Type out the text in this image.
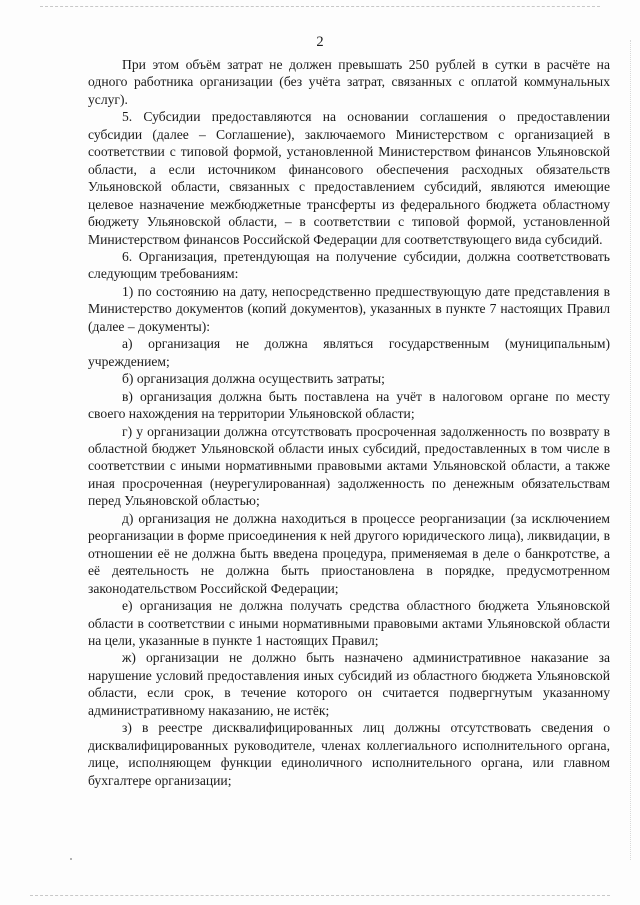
2

При этом объём затрат не должен превышать 250 рублей в сутки в расчёте на одного работника организации (без учёта затрат, связанных с оплатой коммунальных услуг).

5. Субсидии предоставляются на основании соглашения о предоставлении субсидии (далее – Соглашение), заключаемого Министерством с организацией в соответствии с типовой формой, установленной Министерством финансов Ульяновской области, а если источником финансового обеспечения расходных обязательств Ульяновской области, связанных с предоставлением субсидий, являются имеющие целевое назначение межбюджетные трансферты из федерального бюджета областному бюджету Ульяновской области, – в соответствии с типовой формой, установленной Министерством финансов Российской Федерации для соответствующего вида субсидий.

6. Организация, претендующая на получение субсидии, должна соответствовать следующим требованиям:

1) по состоянию на дату, непосредственно предшествующую дате представления в Министерство документов (копий документов), указанных в пункте 7 настоящих Правил (далее – документы):

а) организация не должна являться государственным (муниципальным) учреждением;

б) организация должна осуществить затраты;

в) организация должна быть поставлена на учёт в налоговом органе по месту своего нахождения на территории Ульяновской области;

г) у организации должна отсутствовать просроченная задолженность по возврату в областной бюджет Ульяновской области иных субсидий, предоставленных в том числе в соответствии с иными нормативными правовыми актами Ульяновской области, а также иная просроченная (неурегулированная) задолженность по денежным обязательствам перед Ульяновской областью;

д) организация не должна находиться в процессе реорганизации (за исключением реорганизации в форме присоединения к ней другого юридического лица), ликвидации, в отношении её не должна быть введена процедура, применяемая в деле о банкротстве, а её деятельность не должна быть приостановлена в порядке, предусмотренном законодательством Российской Федерации;

е) организация не должна получать средства областного бюджета Ульяновской области в соответствии с иными нормативными правовыми актами Ульяновской области на цели, указанные в пункте 1 настоящих Правил;

ж) организации не должно быть назначено административное наказание за нарушение условий предоставления иных субсидий из областного бюджета Ульяновской области, если срок, в течение которого он считается подвергнутым указанному административному наказанию, не истёк;

з) в реестре дисквалифицированных лиц должны отсутствовать сведения о дисквалифицированных руководителе, членах коллегиального исполнительного органа, лице, исполняющем функции единоличного исполнительного органа, или главном бухгалтере организации;
